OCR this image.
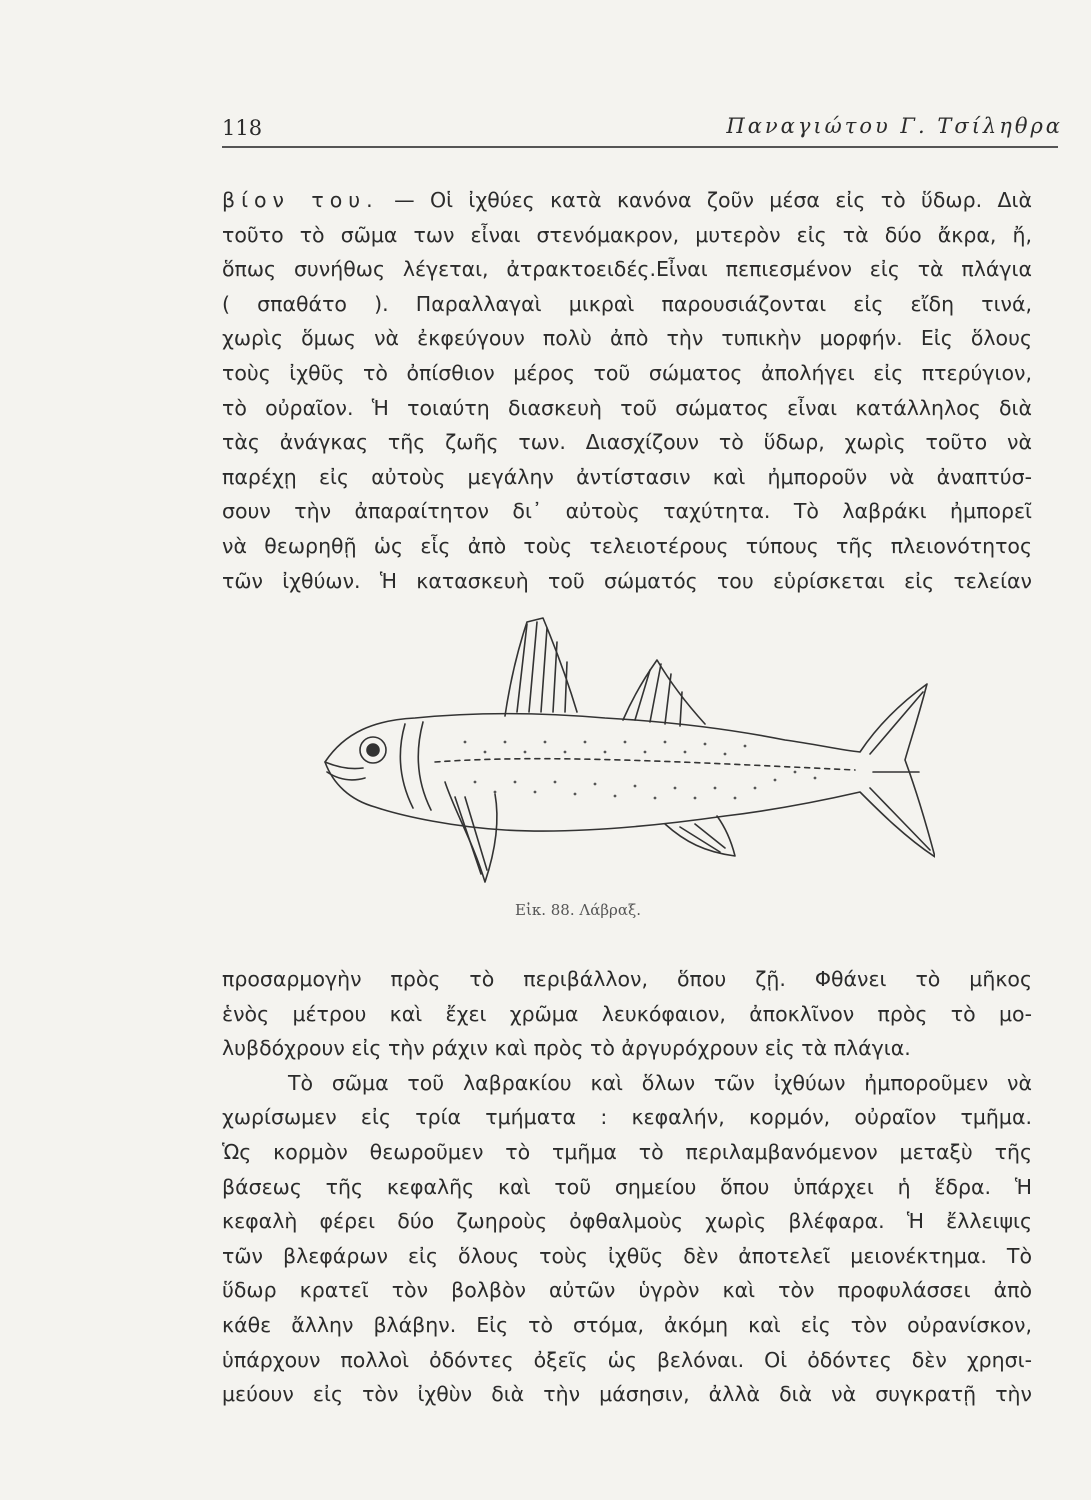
118	Παναγιώτου Γ. Τσίληθρα
βίον του. — Οἱ ἰχθύες κατὰ κανόνα ζοῦν μέσα εἰς τὸ ὕδωρ. Διὰ
τοῦτο τὸ σῶμα των εἶναι στενόμακρον, μυτερὸν εἰς τὰ δύο ἄκρα, ἤ,
ὅπως συνήθως λέγεται, ἀτρακτοειδές.Εἶναι πεπιεσμένον εἰς τὰ πλάγια
( σπαθάτο ). Παραλλαγαὶ μικραὶ παρουσιάζονται εἰς εἴδη τινά,
χωρὶς ὅμως νὰ ἐκφεύγουν πολὺ ἀπὸ τὴν τυπικὴν μορφήν. Εἰς ὅλους
τοὺς ἰχθῦς τὸ ὀπίσθιον μέρος τοῦ σώματος ἀπολήγει εἰς πτερύγιον,
τὸ οὐραῖον. Ἡ τοιαύτη διασκευὴ τοῦ σώματος εἶναι κατάλληλος διὰ
τὰς ἀνάγκας τῆς ζωῆς των. Διασχίζουν τὸ ὕδωρ, χωρὶς τοῦτο νὰ
παρέχῃ εἰς αὐτοὺς μεγάλην ἀντίστασιν καὶ ἠμποροῦν νὰ ἀναπτύσ-
σουν τὴν ἀπαραίτητον δι᾽ αὐτοὺς ταχύτητα. Τὸ λαβράκι ἠμπορεῖ
νὰ θεωρηθῇ ὡς εἷς ἀπὸ τοὺς τελειοτέρους τύπους τῆς πλειονότητος
τῶν ἰχθύων. Ἡ κατασκευὴ τοῦ σώματός του εὑρίσκεται εἰς τελείαν
Εἰκ. 88. Λάβραξ.
προσαρμογὴν πρὸς τὸ περιβάλλον, ὅπου ζῇ. Φθάνει τὸ μῆκος
ἑνὸς μέτρου καὶ ἔχει χρῶμα λευκόφαιον, ἀποκλῖνον πρὸς τὸ μο-
λυβδόχρουν εἰς τὴν ράχιν καὶ πρὸς τὸ ἀργυρόχρουν εἰς τὰ πλάγια.
Τὸ σῶμα τοῦ λαβρακίου καὶ ὅλων τῶν ἰχθύων ἠμποροῦμεν νὰ
χωρίσωμεν εἰς τρία τμήματα : κεφαλήν, κορμόν, οὐραῖον τμῆμα.
Ὡς κορμὸν θεωροῦμεν τὸ τμῆμα τὸ περιλαμβανόμενον μεταξὺ τῆς
βάσεως τῆς κεφαλῆς καὶ τοῦ σημείου ὅπου ὑπάρχει ἡ ἕδρα. Ἡ
κεφαλὴ φέρει δύο ζωηροὺς ὀφθαλμοὺς χωρὶς βλέφαρα. Ἡ ἔλλειψις
τῶν βλεφάρων εἰς ὅλους τοὺς ἰχθῦς δὲν ἀποτελεῖ μειονέκτημα. Τὸ
ὕδωρ κρατεῖ τὸν βολβὸν αὐτῶν ὑγρὸν καὶ τὸν προφυλάσσει ἀπὸ
κάθε ἄλλην βλάβην. Εἰς τὸ στόμα, ἀκόμη καὶ εἰς τὸν οὐρανίσκον,
ὑπάρχουν πολλοὶ ὀδόντες ὀξεῖς ὡς βελόναι. Οἱ ὀδόντες δὲν χρησι-
μεύουν εἰς τὸν ἰχθὺν διὰ τὴν μάσησιν, ἀλλὰ διὰ νὰ συγκρατῇ τὴν
